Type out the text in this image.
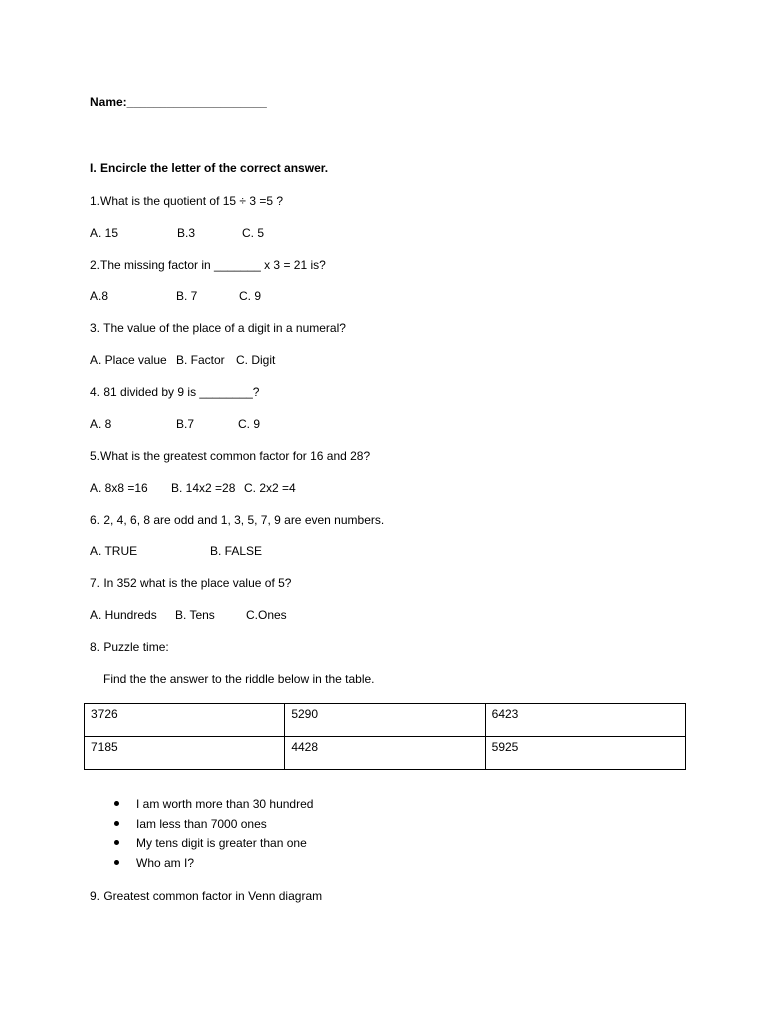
Name:_____________________
I. Encircle the letter of the correct answer.
1.What is the quotient of 15 ÷ 3 =5 ?
A. 15	B.3	C. 5
2.The missing factor in _______ x 3 = 21 is?
A.8	B. 7	C. 9
3. The value of the place of a digit in a numeral?
A. Place value B. Factor C. Digit
4. 81 divided by 9 is ________?
A. 8	B.7	C. 9
5.What is the greatest common factor for 16 and 28?
A. 8x8 =16 B. 14x2 =28 C. 2x2 =4
6. 2, 4, 6, 8 are odd and 1, 3, 5, 7, 9 are even numbers.
A. TRUE	B. FALSE
7. In 352 what is the place value of 5?
A. Hundreds B. Tens	C.Ones
8. Puzzle time:
Find the the answer to the riddle below in the table.
3726	5290	6423
7185	4428	5925
I am worth more than 30 hundred
Iam less than 7000 ones
My tens digit is greater than one
Who am I?
9. Greatest common factor in Venn diagram
